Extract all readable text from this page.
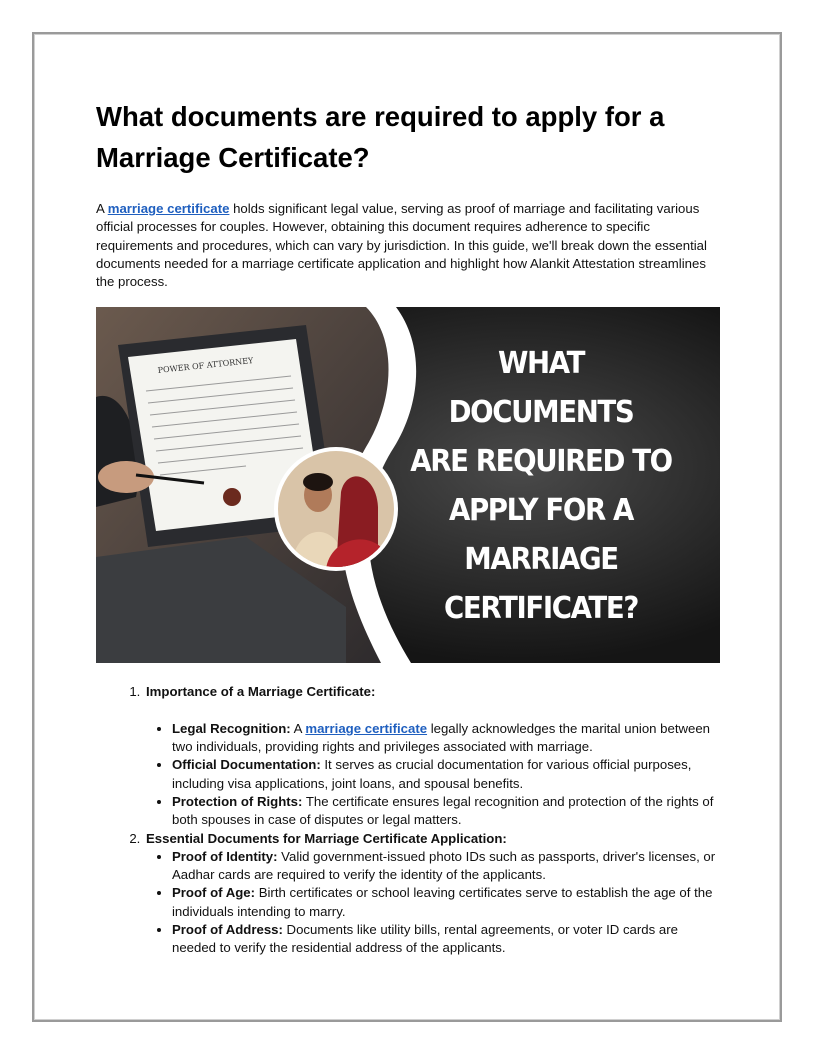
What documents are required to apply for a Marriage Certificate?

A marriage certificate holds significant legal value, serving as proof of marriage and facilitating various official processes for couples. However, obtaining this document requires adherence to specific requirements and procedures, which can vary by jurisdiction. In this guide, we'll break down the essential documents needed for a marriage certificate application and highlight how Alankit Attestation streamlines the process.

POWER OF ATTORNEY	WHAT DOCUMENTS
ARE REQUIRED TO
APPLY FOR A
MARRIAGE
CERTIFICATE?
1. Importance of a Marriage Certificate:
• Legal Recognition: A marriage certificate legally acknowledges the marital union between two individuals, providing rights and privileges associated with marriage.
• Official Documentation: It serves as crucial documentation for various official purposes, including visa applications, joint loans, and spousal benefits.
• Protection of Rights: The certificate ensures legal recognition and protection of the rights of both spouses in case of disputes or legal matters.
2. Essential Documents for Marriage Certificate Application:
• Proof of Identity: Valid government-issued photo IDs such as passports, driver's licenses, or Aadhar cards are required to verify the identity of the applicants.
• Proof of Age: Birth certificates or school leaving certificates serve to establish the age of the individuals intending to marry.
• Proof of Address: Documents like utility bills, rental agreements, or voter ID cards are needed to verify the residential address of the applicants.
